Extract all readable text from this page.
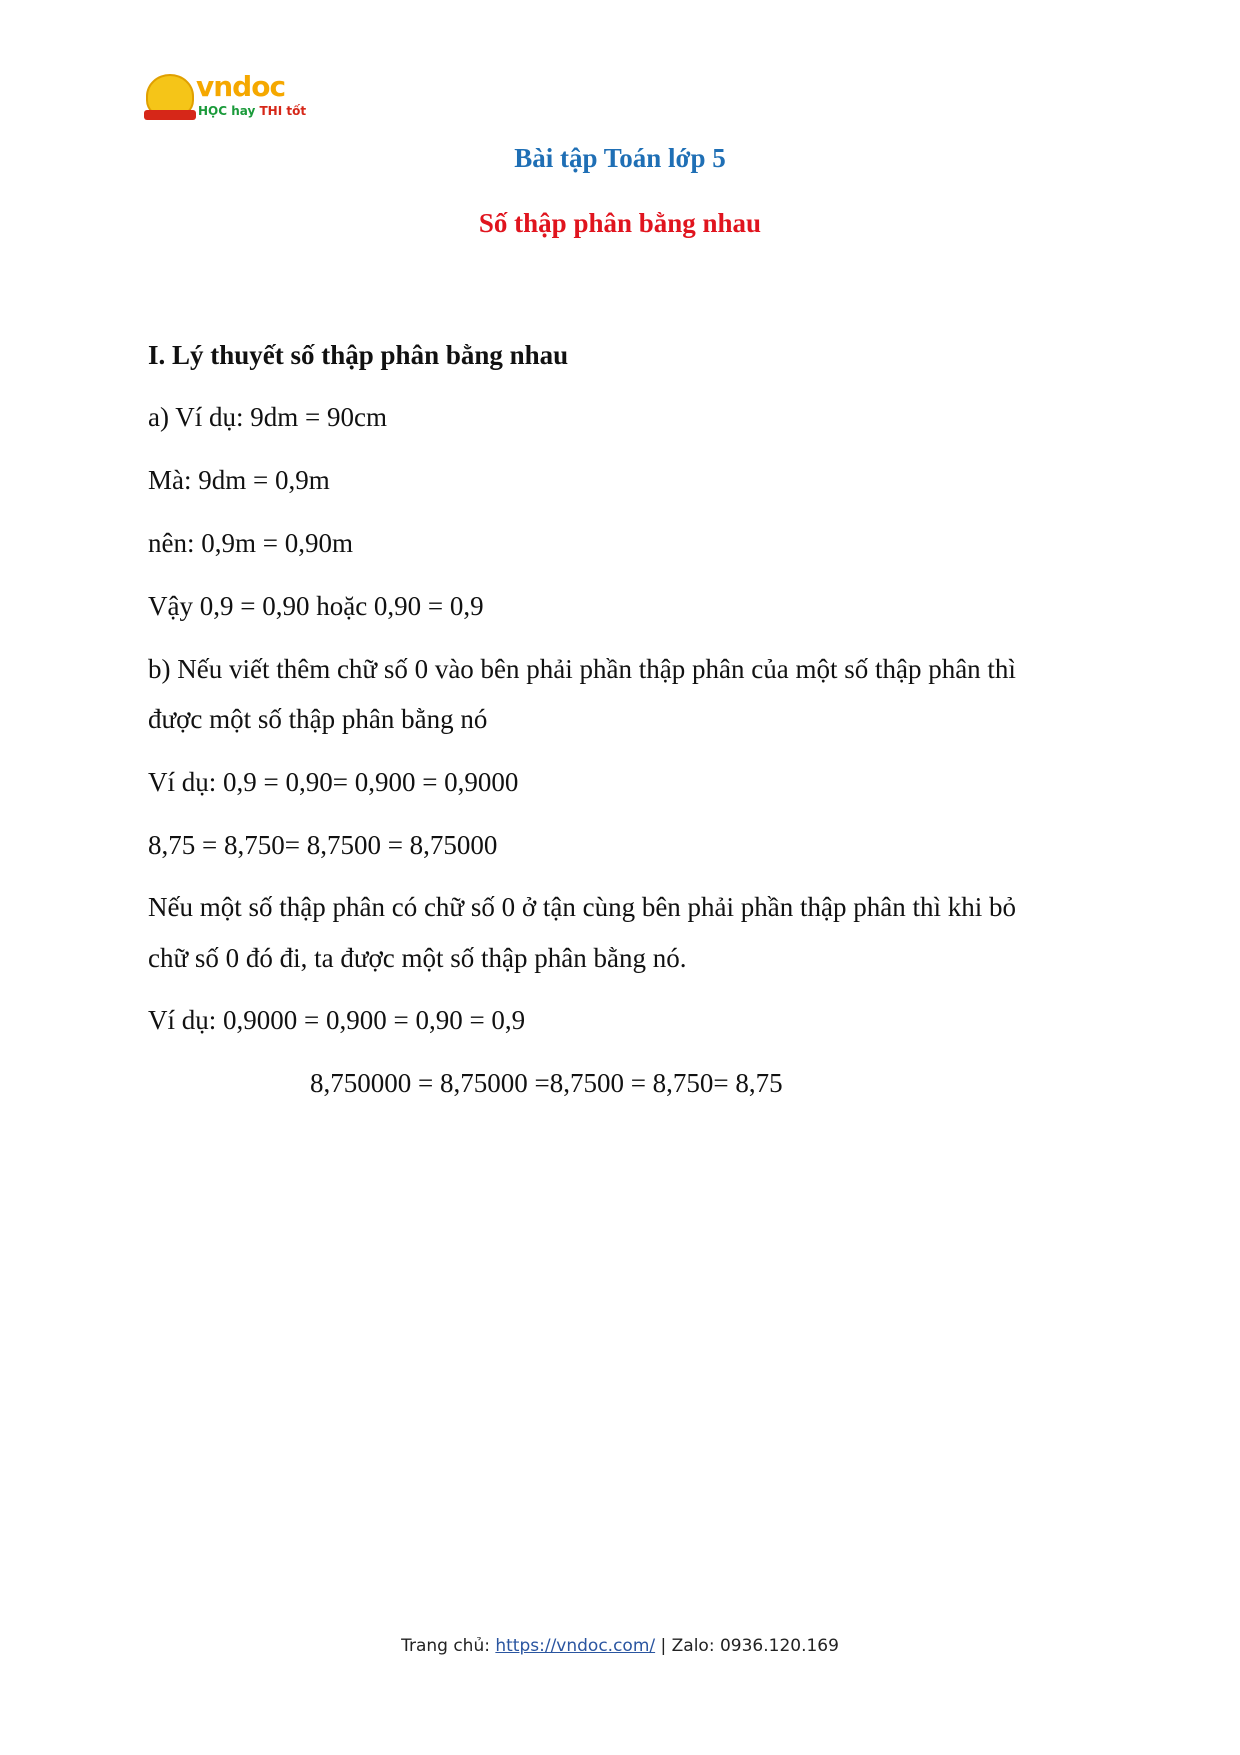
vndoc
HỌC hay THI tốt
Bài tập Toán lớp 5
Số thập phân bằng nhau
I. Lý thuyết số thập phân bằng nhau
a) Ví dụ: 9dm = 90cm
Mà: 9dm = 0,9m
nên: 0,9m = 0,90m
Vậy 0,9 = 0,90 hoặc 0,90 = 0,9
b) Nếu viết thêm chữ số 0 vào bên phải phần thập phân của một số thập phân thì
được một số thập phân bằng nó
Ví dụ: 0,9 = 0,90= 0,900 = 0,9000
8,75 = 8,750= 8,7500 = 8,75000
Nếu một số thập phân có chữ số 0 ở tận cùng bên phải phần thập phân thì khi bỏ
chữ số 0 đó đi, ta được một số thập phân bằng nó.
Ví dụ: 0,9000 = 0,900 = 0,90 = 0,9
8,750000 = 8,75000 =8,7500 = 8,750= 8,75
Trang chủ: https://vndoc.com/ | Zalo: 0936.120.169
